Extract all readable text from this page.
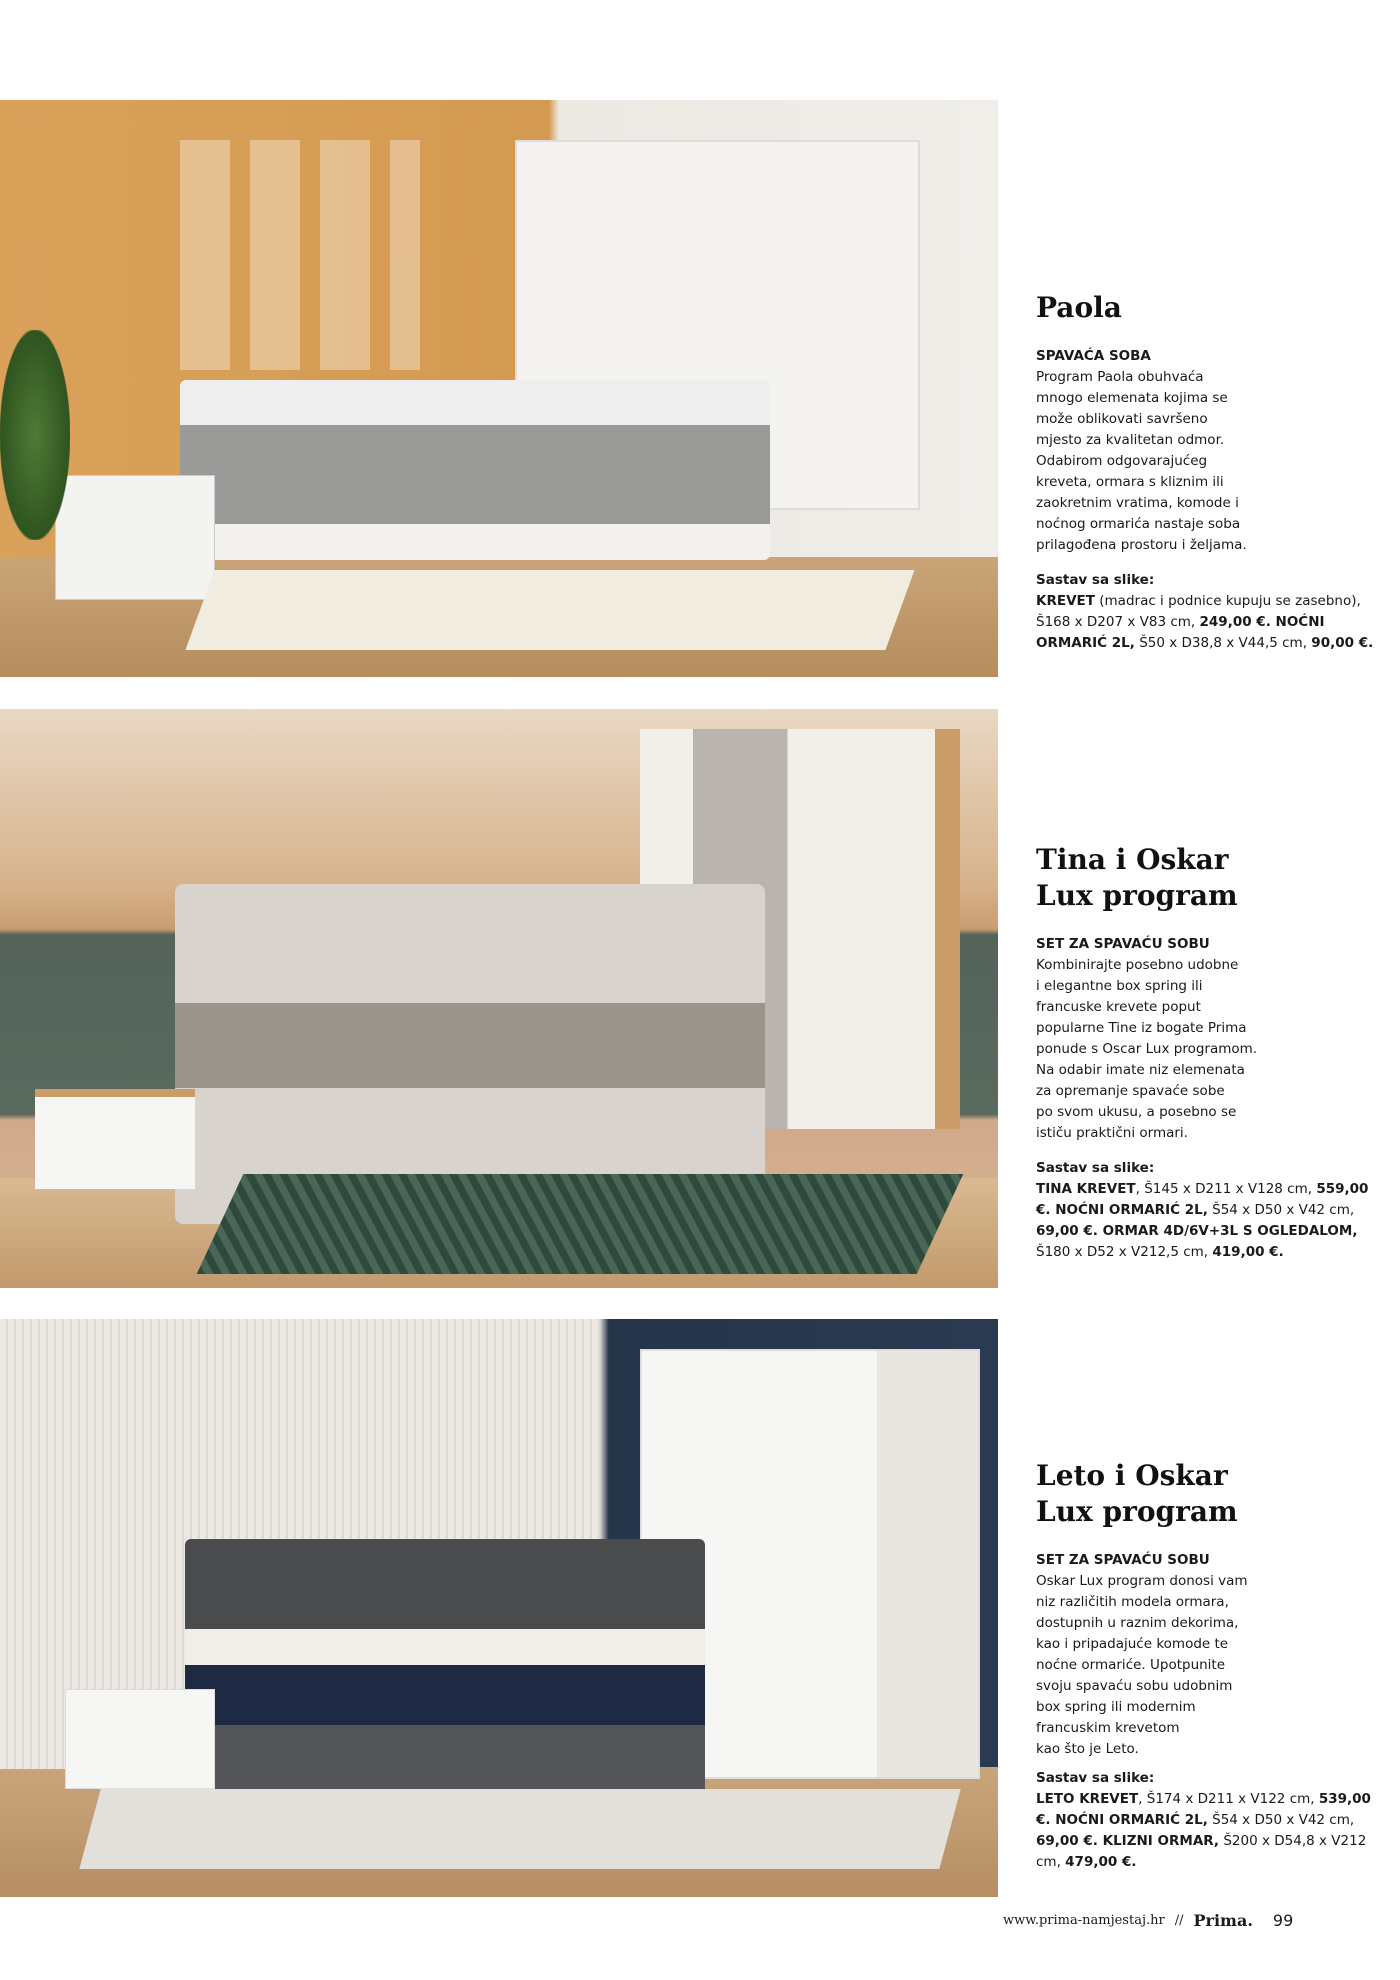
Paola
SPAVAĆA SOBA
Program Paola obuhvaća
mnogo elemenata kojima se
može oblikovati savršeno
mjesto za kvalitetan odmor.
Odabirom odgovarajućeg
kreveta, ormara s kliznim ili
zaokretnim vratima, komode i
noćnog ormarića nastaje soba
prilagođena prostoru i željama.
Sastav sa slike:
KREVET (madrac i podnice kupuju se zasebno), Š168 x D207 x V83 cm, 249,00 €. NOĆNI ORMARIĆ 2L, Š50 x D38,8 x V44,5 cm, 90,00 €.
Tina i Oskar Lux program
SET ZA SPAVAĆU SOBU
Kombinirajte posebno udobne
i elegantne box spring ili
francuske krevete poput
popularne Tine iz bogate Prima
ponude s Oscar Lux programom.
Na odabir imate niz elemenata
za opremanje spavaće sobe
po svom ukusu, a posebno se
ističu praktični ormari.
Sastav sa slike:
TINA KREVET, Š145 x D211 x V128 cm, 559,00 €. NOĆNI ORMARIĆ 2L, Š54 x D50 x V42 cm, 69,00 €. ORMAR 4D/6V+3L S OGLEDALOM, Š180 x D52 x V212,5 cm, 419,00 €.
Leto i Oskar Lux program
SET ZA SPAVAĆU SOBU
Oskar Lux program donosi vam
niz različitih modela ormara,
dostupnih u raznim dekorima,
kao i pripadajuće komode te
noćne ormariće. Upotpunite
svoju spavaću sobu udobnim
box spring ili modernim
francuskim krevetom
kao što je Leto.
Sastav sa slike:
LETO KREVET, Š174 x D211 x V122 cm, 539,00 €. NOĆNI ORMARIĆ 2L, Š54 x D50 x V42 cm, 69,00 €. KLIZNI ORMAR, Š200 x D54,8 x V212 cm, 479,00 €.
www.prima-namjestaj.hr // Prima. 99
